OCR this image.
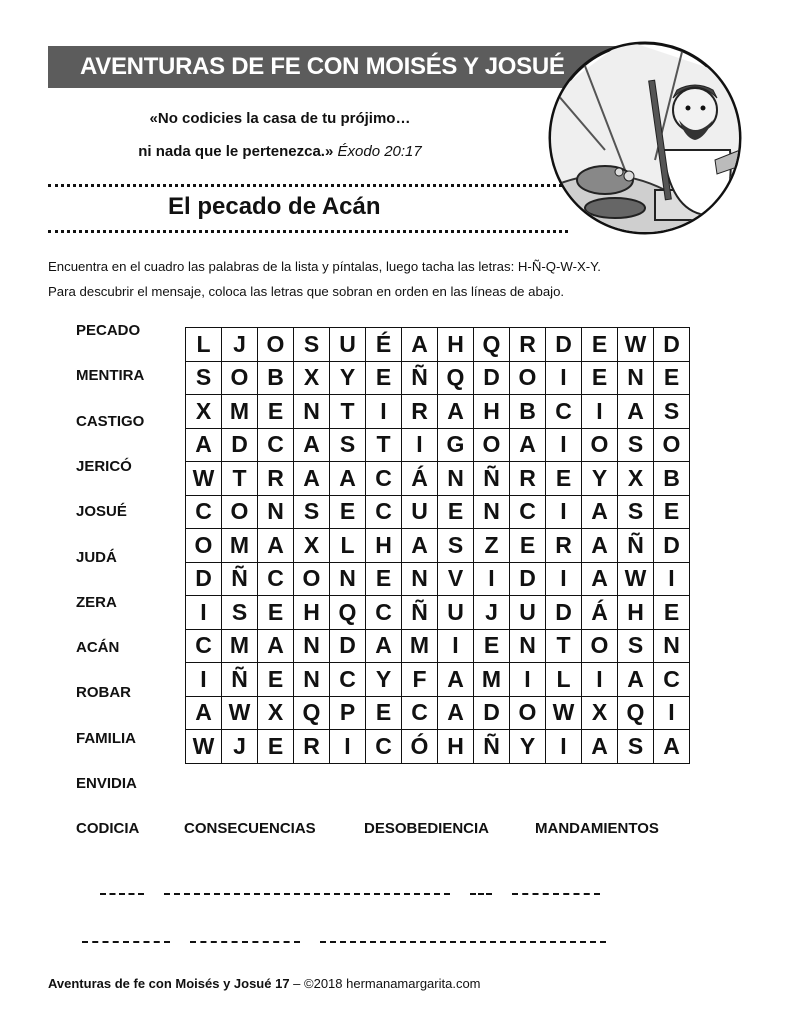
AVENTURAS DE FE CON MOISÉS Y JOSUÉ
«No codicies la casa de tu prójimo…
ni nada que le pertenezca.» Éxodo 20:17
El pecado de Acán
Encuentra en el cuadro las palabras de la lista y píntalas, luego tacha las letras: H-Ñ-Q-W-X-Y.
Para descubrir el mensaje, coloca las letras que sobran en orden en las líneas de abajo.
PECADO
MENTIRA
CASTIGO
JERICÓ
JOSUÉ
JUDÁ
ZERA
ACÁN
ROBAR
FAMILIA
ENVIDIA
CODICIA
L J O S U É A H Q R D E W D
S O B X Y E Ñ Q D O	I	E N E
X M E N T	I	R A H B C	I	A S
A D C A S T	I	G O A	I	O S O
W T R A A C Á N Ñ R E Y X B
C O N S E C U E N C	I	A S E
O M A X L H A S Z E R A Ñ D
D Ñ C O N E N V	I	D	I	A W I
I	S E H Q C Ñ U J U D Á H E
C M A N D A M	I	E N T O S N
I	Ñ E N C Y F A M	I	L	I	A C
A W X Q P E C A D O W X Q	I
W J E R	I	C Ó H Ñ Y	I	A S A
CONSECUENCIAS	DESOBEDIENCIA	MANDAMIENTOS
Aventuras de fe con Moisés y Josué 17 – ©2018 hermanamargarita.com
